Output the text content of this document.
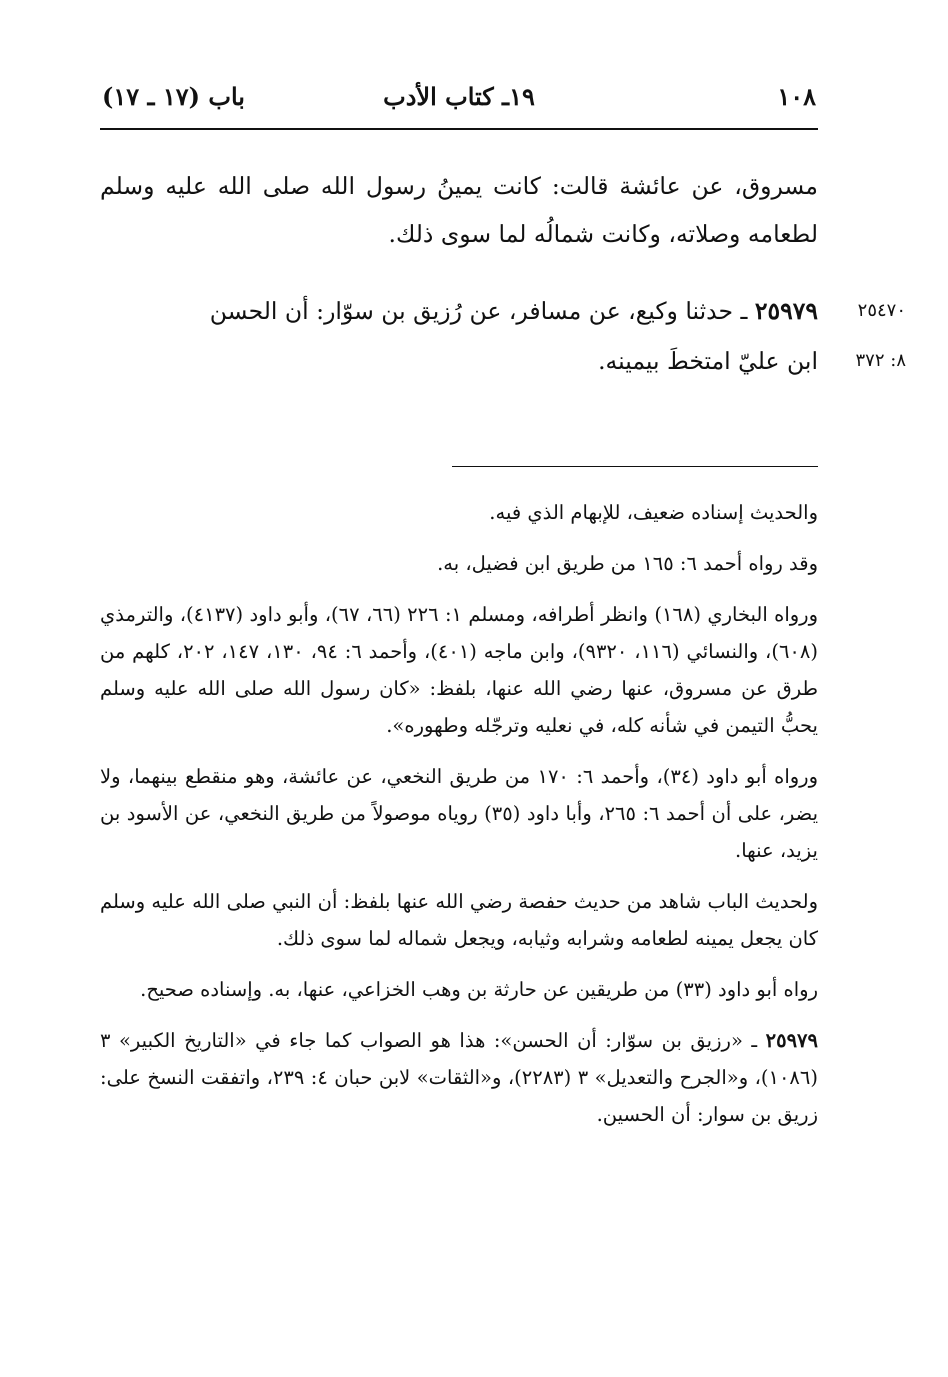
١٠٨
١٩ـ كتاب الأدب
باب (١٧ ـ ١٧)
مسروق، عن عائشة قالت: كانت يمينُ رسول الله صلى الله عليه وسلم لطعامه وصلاته، وكانت شمالُه لما سوى ذلك.
٢٥٩٧٩ ـ حدثنا وكيع، عن مسافر، عن رُزيق بن سوّار: أن الحسن
ابن عليّ امتخطَ بيمينه.
٢٥٤٧٠
٨: ٣٧٢

والحديث إسناده ضعيف، للإبهام الذي فيه.

وقد رواه أحمد ٦: ١٦٥ من طريق ابن فضيل، به.

ورواه البخاري (١٦٨) وانظر أطرافه، ومسلم ١: ٢٢٦ (٦٦، ٦٧)، وأبو داود (٤١٣٧)، والترمذي (٦٠٨)، والنسائي (١١٦، ٩٣٢٠)، وابن ماجه (٤٠١)، وأحمد ٦: ٩٤، ١٣٠، ١٤٧، ٢٠٢، كلهم من طرق عن مسروق، عنها رضي الله عنها، بلفظ: «كان رسول الله صلى الله عليه وسلم يحبُّ التيمن في شأنه كله، في نعليه وترجّله وطهوره».

ورواه أبو داود (٣٤)، وأحمد ٦: ١٧٠ من طريق النخعي، عن عائشة، وهو منقطع بينهما، ولا يضر، على أن أحمد ٦: ٢٦٥، وأبا داود (٣٥) روياه موصولاً من طريق النخعي، عن الأسود بن يزيد، عنها.

ولحديث الباب شاهد من حديث حفصة رضي الله عنها بلفظ: أن النبي صلى الله عليه وسلم كان يجعل يمينه لطعامه وشرابه وثيابه، ويجعل شماله لما سوى ذلك.

رواه أبو داود (٣٣) من طريقين عن حارثة بن وهب الخزاعي، عنها، به. وإسناده صحيح.

٢٥٩٧٩ ـ «رزيق بن سوّار: أن الحسن»: هذا هو الصواب كما جاء في «التاريخ الكبير» ٣ (١٠٨٦)، و«الجرح والتعديل» ٣ (٢٢٨٣)، و«الثقات» لابن حبان ٤: ٢٣٩، واتفقت النسخ على: زريق بن سوار: أن الحسين.
